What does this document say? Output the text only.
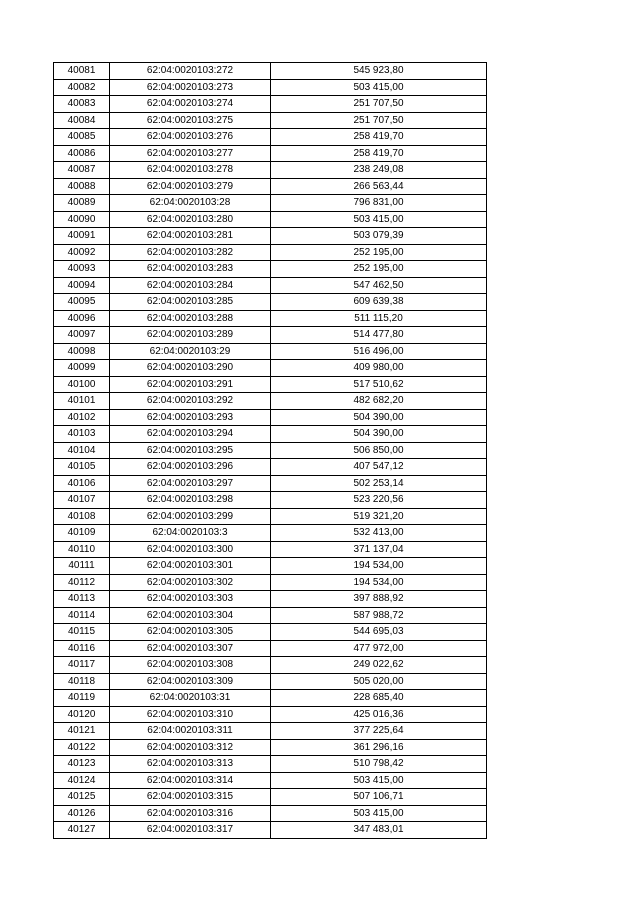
40081	62:04:0020103:272	545 923,80
40082	62:04:0020103:273	503 415,00
40083	62:04:0020103:274	251 707,50
40084	62:04:0020103:275	251 707,50
40085	62:04:0020103:276	258 419,70
40086	62:04:0020103:277	258 419,70
40087	62:04:0020103:278	238 249,08
40088	62:04:0020103:279	266 563,44
40089	62:04:0020103:28	796 831,00
40090	62:04:0020103:280	503 415,00
40091	62:04:0020103:281	503 079,39
40092	62:04:0020103:282	252 195,00
40093	62:04:0020103:283	252 195,00
40094	62:04:0020103:284	547 462,50
40095	62:04:0020103:285	609 639,38
40096	62:04:0020103:288	511 115,20
40097	62:04:0020103:289	514 477,80
40098	62:04:0020103:29	516 496,00
40099	62:04:0020103:290	409 980,00
40100	62:04:0020103:291	517 510,62
40101	62:04:0020103:292	482 682,20
40102	62:04:0020103:293	504 390,00
40103	62:04:0020103:294	504 390,00
40104	62:04:0020103:295	506 850,00
40105	62:04:0020103:296	407 547,12
40106	62:04:0020103:297	502 253,14
40107	62:04:0020103:298	523 220,56
40108	62:04:0020103:299	519 321,20
40109	62:04:0020103:3	532 413,00
40110	62:04:0020103:300	371 137,04
40111	62:04:0020103:301	194 534,00
40112	62:04:0020103:302	194 534,00
40113	62:04:0020103:303	397 888,92
40114	62:04:0020103:304	587 988,72
40115	62:04:0020103:305	544 695,03
40116	62:04:0020103:307	477 972,00
40117	62:04:0020103:308	249 022,62
40118	62:04:0020103:309	505 020,00
40119	62:04:0020103:31	228 685,40
40120	62:04:0020103:310	425 016,36
40121	62:04:0020103:311	377 225,64
40122	62:04:0020103:312	361 296,16
40123	62:04:0020103:313	510 798,42
40124	62:04:0020103:314	503 415,00
40125	62:04:0020103:315	507 106,71
40126	62:04:0020103:316	503 415,00
40127	62:04:0020103:317	347 483,01
